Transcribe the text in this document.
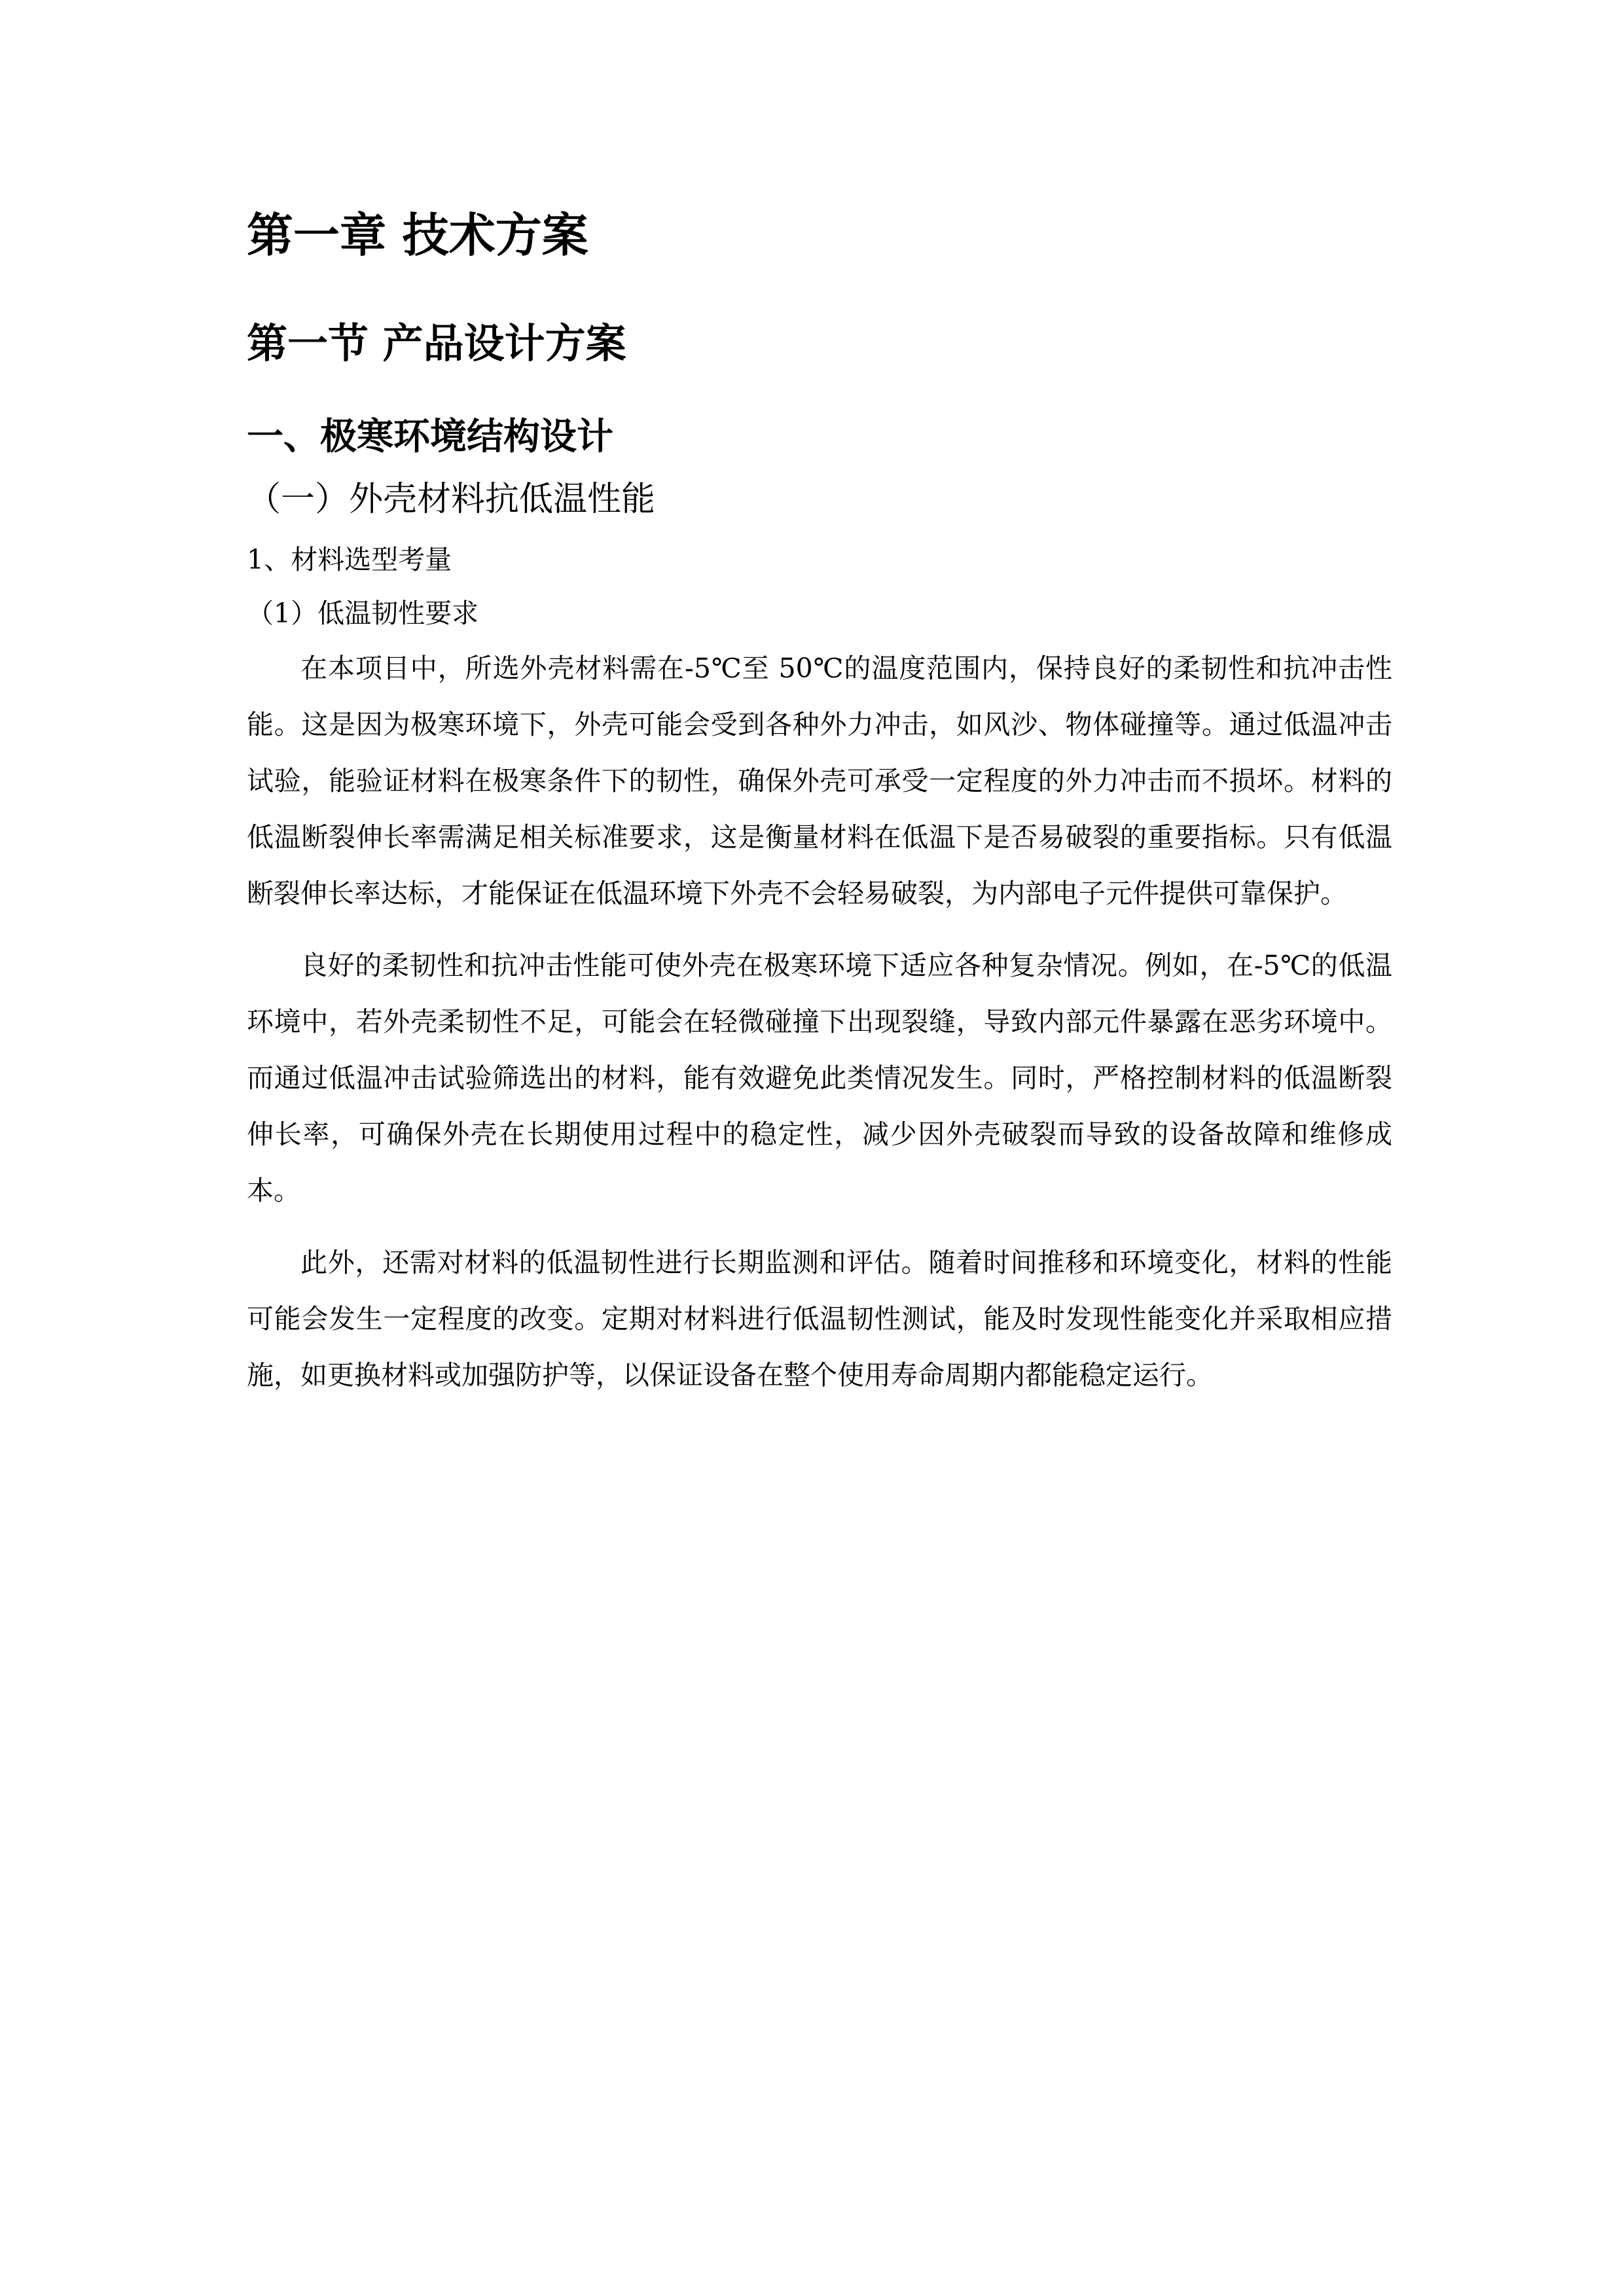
第一章 技术方案
第一节 产品设计方案
一、极寒环境结构设计
（一）外壳材料抗低温性能
1、材料选型考量
（1）低温韧性要求

在本项目中，所选外壳材料需在-5℃至 50℃的温度范围内，保持良好的柔韧性和抗冲击性能。这是因为极寒环境下，外壳可能会受到各种外力冲击，如风沙、物体碰撞等。通过低温冲击试验，能验证材料在极寒条件下的韧性，确保外壳可承受一定程度的外力冲击而不损坏。材料的低温断裂伸长率需满足相关标准要求，这是衡量材料在低温下是否易破裂的重要指标。只有低温断裂伸长率达标，才能保证在低温环境下外壳不会轻易破裂，为内部电子元件提供可靠保护。

良好的柔韧性和抗冲击性能可使外壳在极寒环境下适应各种复杂情况。例如，在-5℃的低温环境中，若外壳柔韧性不足，可能会在轻微碰撞下出现裂缝，导致内部元件暴露在恶劣环境中。而通过低温冲击试验筛选出的材料，能有效避免此类情况发生。同时，严格控制材料的低温断裂伸长率，可确保外壳在长期使用过程中的稳定性，减少因外壳破裂而导致的设备故障和维修成本。

此外，还需对材料的低温韧性进行长期监测和评估。随着时间推移和环境变化，材料的性能可能会发生一定程度的改变。定期对材料进行低温韧性测试，能及时发现性能变化并采取相应措施，如更换材料或加强防护等，以保证设备在整个使用寿命周期内都能稳定运行。
